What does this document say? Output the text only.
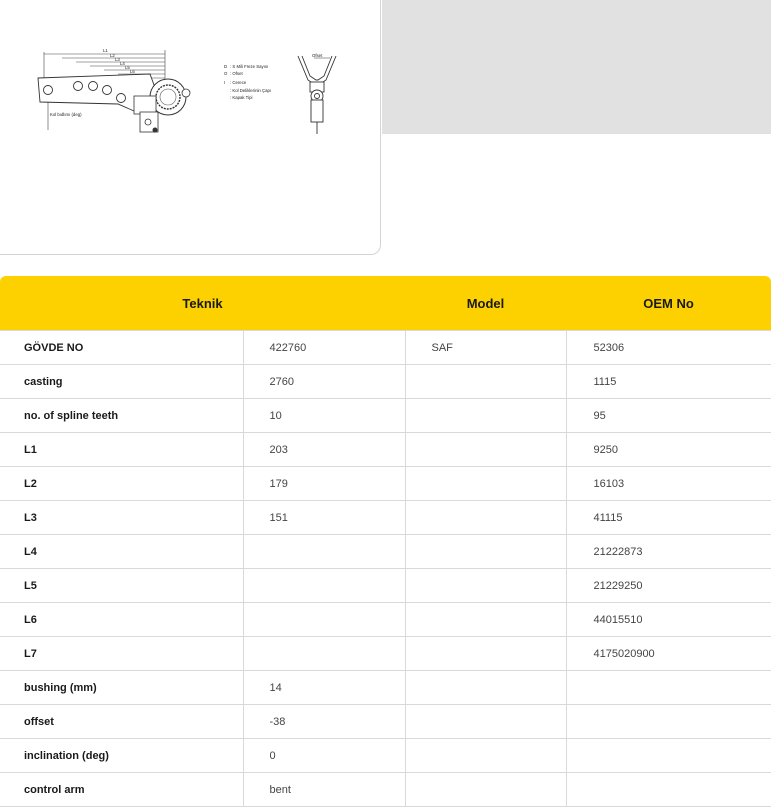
L1
L2
L3
L4
L5
L6
Kol bıdlımı (deg)
D : S Mili Freze Sayısı
O : Ofset
I : Cerece
: Kol Deliklerinin Çapı
: Kapak Tipi
Ofset
Teknik		Model	OEM No
GÖVDE NO	422760	SAF	52306
casting	2760		1115
no. of spline teeth	10		95
L1	203		9250
L2	179		16103
L3	151		41115
L4			21222873
L5			21229250
L6			44015510
L7			4175020900
bushing (mm)	14		
offset	-38		
inclination (deg)	0		
control arm	bent		
